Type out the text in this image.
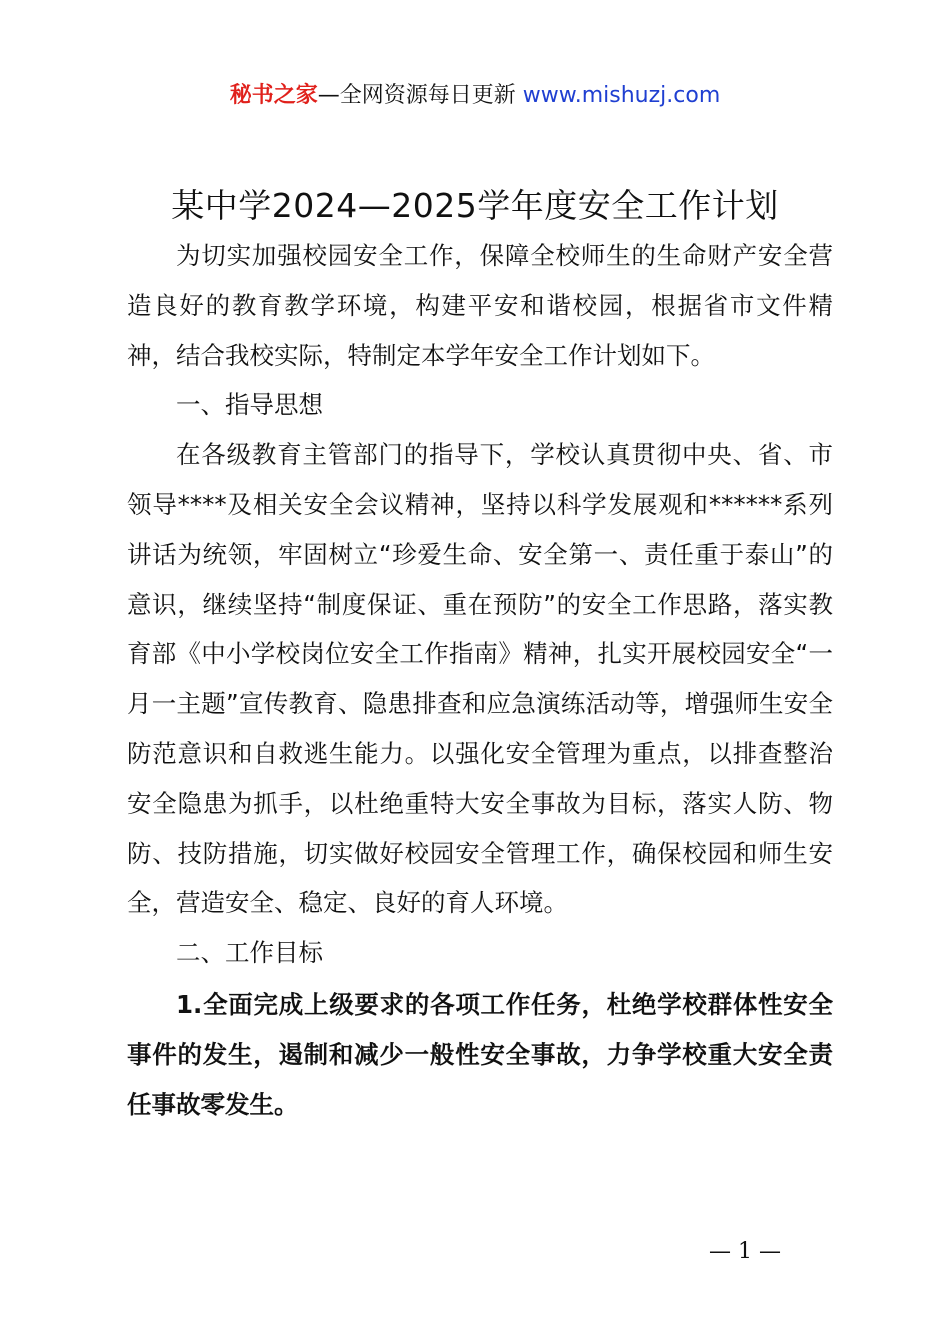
秘书之家—全网资源每日更新 www.mishuzj.com
某中学2024—2025学年度安全工作计划

为切实加强校园安全工作，保障全校师生的生命财产安全营造良好的教育教学环境，构建平安和谐校园，根据省市文件精神，结合我校实际，特制定本学年安全工作计划如下。

一、指导思想

在各级教育主管部门的指导下，学校认真贯彻中央、省、市领导****及相关安全会议精神，坚持以科学发展观和******系列讲话为统领，牢固树立“珍爱生命、安全第一、责任重于泰山”的意识，继续坚持“制度保证、重在预防”的安全工作思路，落实教育部《中小学校岗位安全工作指南》精神，扎实开展校园安全“一月一主题”宣传教育、隐患排查和应急演练活动等，增强师生安全防范意识和自救逃生能力。以强化安全管理为重点，以排查整治安全隐患为抓手，以杜绝重特大安全事故为目标，落实人防、物防、技防措施，切实做好校园安全管理工作，确保校园和师生安全，营造安全、稳定、良好的育人环境。

二、工作目标

1.全面完成上级要求的各项工作任务，杜绝学校群体性安全事件的发生，遏制和减少一般性安全事故，力争学校重大安全责任事故零发生。

— 1 —
